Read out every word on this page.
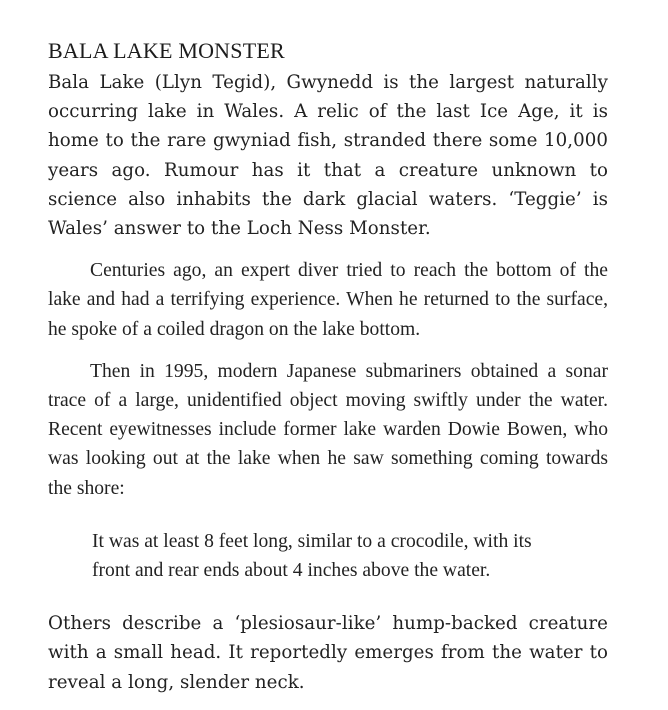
BALA LAKE MONSTER

Bala Lake (Llyn Tegid), Gwynedd is the largest naturally occurring lake in Wales. A relic of the last Ice Age, it is home to the rare gwyniad fish, stranded there some 10,000 years ago. Rumour has it that a creature unknown to science also inhabits the dark glacial waters. ‘Teggie’ is Wales’ answer to the Loch Ness Monster.

Centuries ago, an expert diver tried to reach the bottom of the lake and had a terrifying experience. When he returned to the surface, he spoke of a coiled dragon on the lake bottom.

Then in 1995, modern Japanese submariners obtained a sonar trace of a large, unidentified object moving swiftly under the water. Recent eyewitnesses include former lake warden Dowie Bowen, who was looking out at the lake when he saw something coming towards the shore:

It was at least 8 feet long, similar to a crocodile, with its front and rear ends about 4 inches above the water.

Others describe a ‘plesiosaur-like’ hump-backed creature with a small head. It reportedly emerges from the water to reveal a long, slender neck.
